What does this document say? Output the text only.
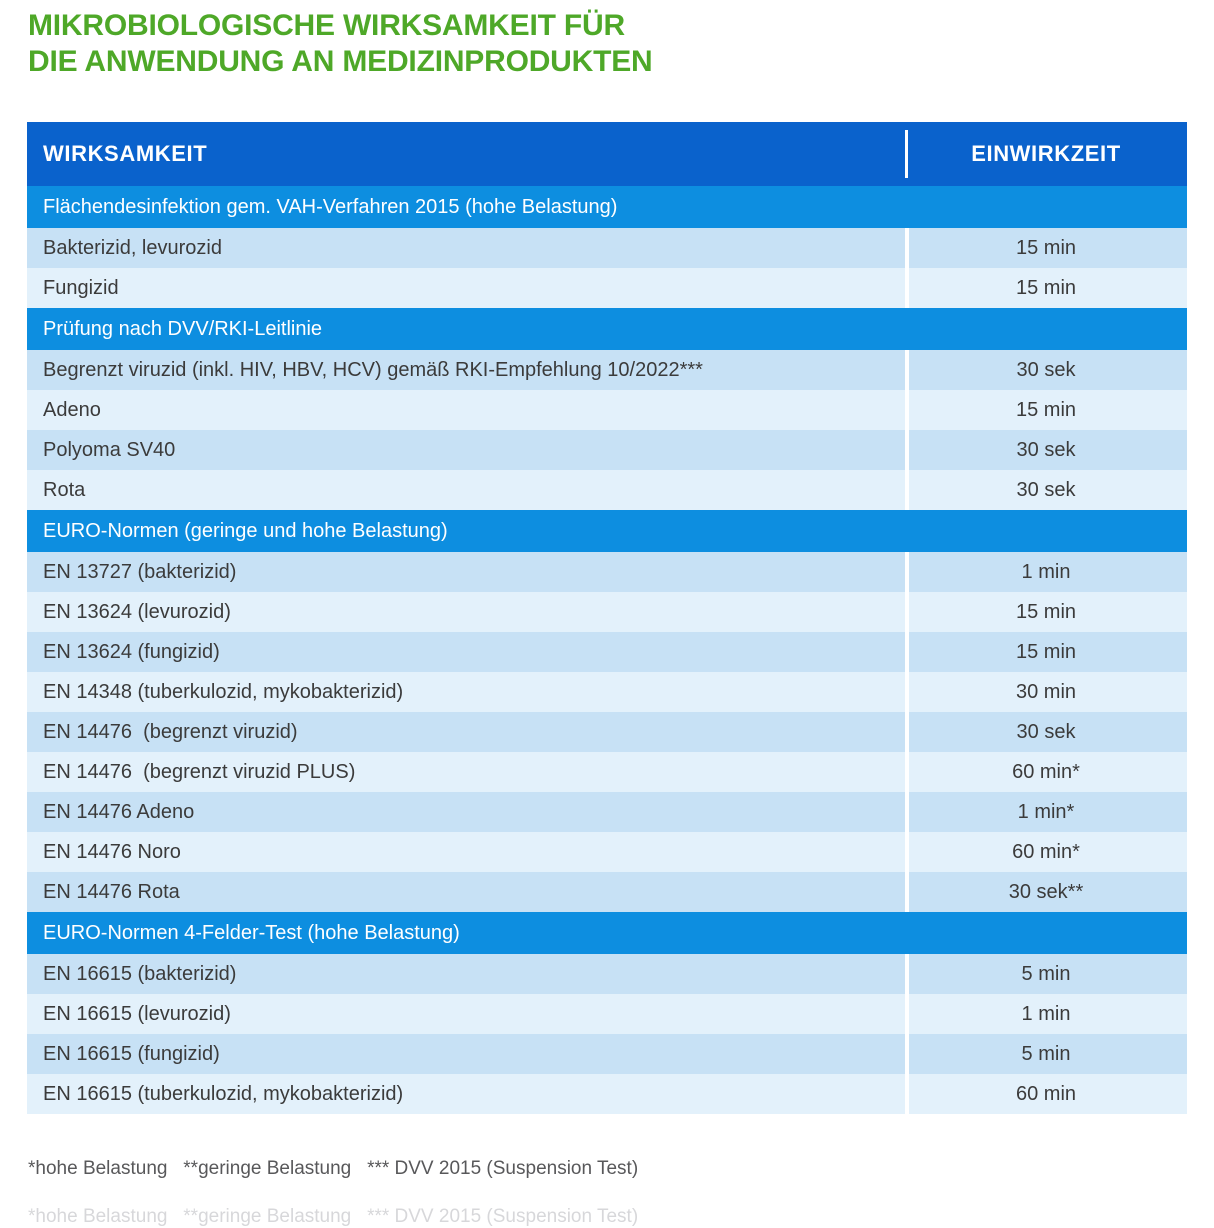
MIKROBIOLOGISCHE WIRKSAMKEIT FÜR
DIE ANWENDUNG AN MEDIZINPRODUKTEN
WIRKSAMKEIT	EINWIRKZEIT
Flächendesinfektion gem. VAH-Verfahren 2015 (hohe Belastung)
Bakterizid, levurozid	15 min
Fungizid	15 min
Prüfung nach DVV/RKI-Leitlinie
Begrenzt viruzid (inkl. HIV, HBV, HCV) gemäß RKI-Empfehlung 10/2022***	30 sek
Adeno	15 min
Polyoma SV40	30 sek
Rota	30 sek
EURO-Normen (geringe und hohe Belastung)
EN 13727 (bakterizid)	1 min
EN 13624 (levurozid)	15 min
EN 13624 (fungizid)	15 min
EN 14348 (tuberkulozid, mykobakterizid)	30 min
EN 14476  (begrenzt viruzid)	30 sek
EN 14476  (begrenzt viruzid PLUS)	60 min*
EN 14476 Adeno	1 min*
EN 14476 Noro	60 min*
EN 14476 Rota	30 sek**
EURO-Normen 4-Felder-Test (hohe Belastung)
EN 16615 (bakterizid)	5 min
EN 16615 (levurozid)	1 min
EN 16615 (fungizid)	5 min
EN 16615 (tuberkulozid, mykobakterizid)	60 min
*hohe Belastung   **geringe Belastung   *** DVV 2015 (Suspension Test)
*hohe Belastung   **geringe Belastung   *** DVV 2015 (Suspension Test)
